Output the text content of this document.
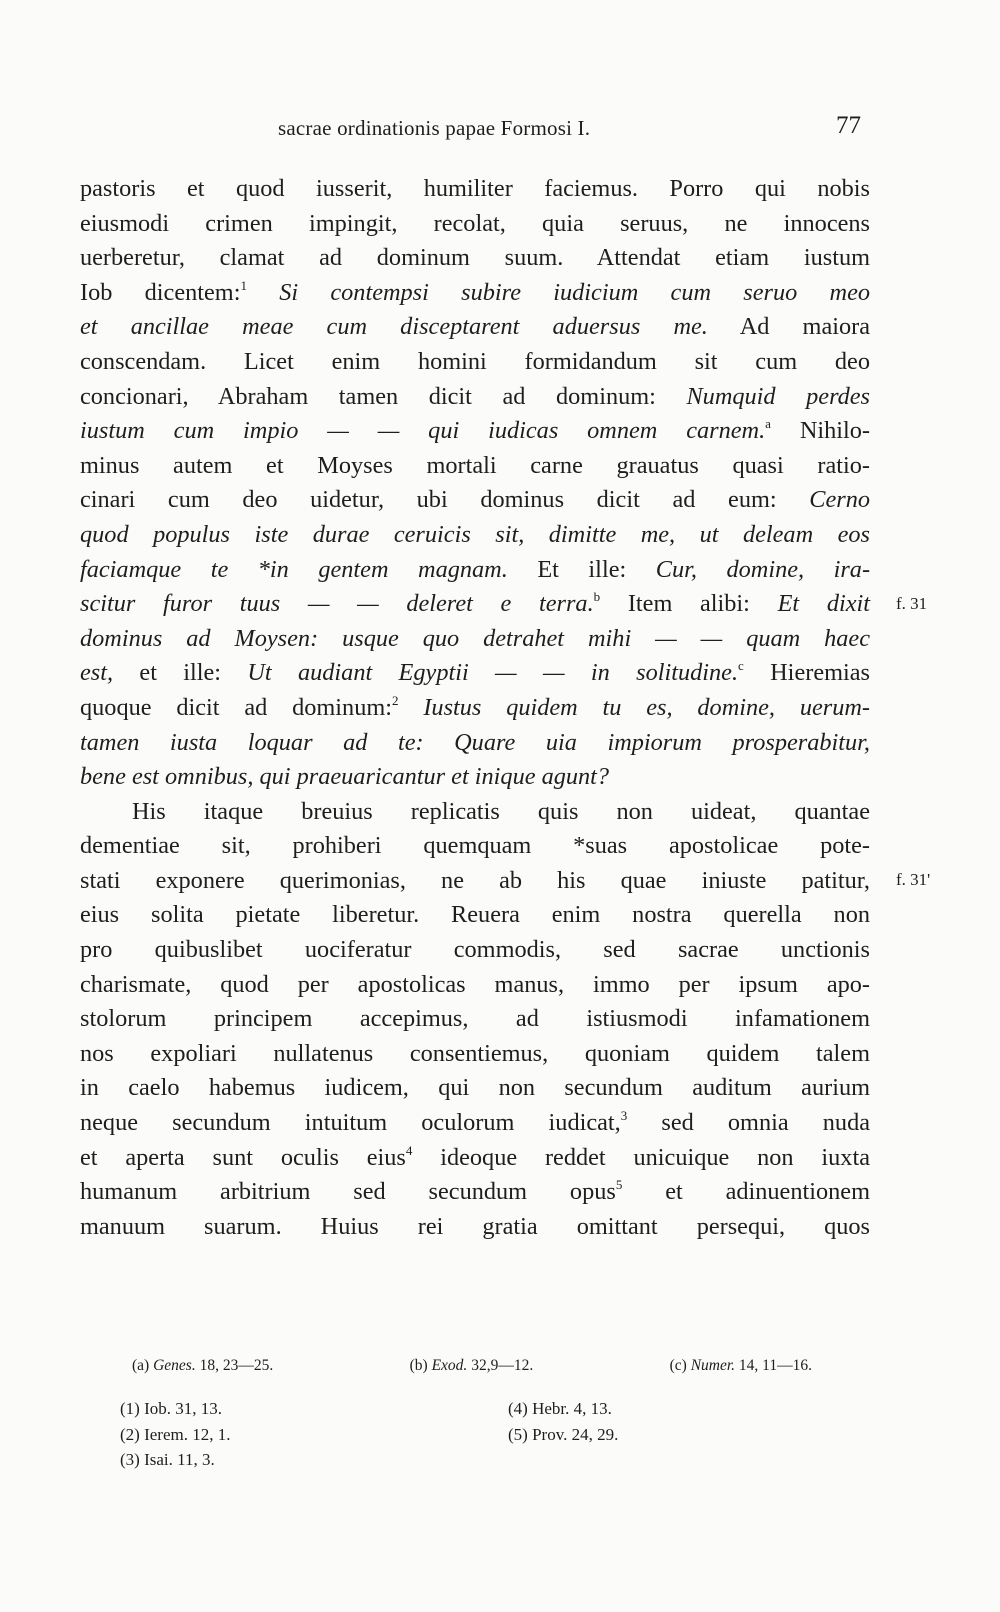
sacrae ordinationis papae Formosi I.	77
pastoris et quod iusserit, humiliter faciemus. Porro qui nobis
eiusmodi crimen impingit, recolat, quia seruus, ne innocens
uerberetur, clamat ad dominum suum. Attendat etiam iustum
Iob dicentem:$^1$ Si contempsi subire iudicium cum seruo meo
et ancillae meae cum disceptarent aduersus me. Ad maiora
conscendam. Licet enim homini formidandum sit cum deo
concionari, Abraham tamen dicit ad dominum: Numquid perdes
iustum cum impio — — qui iudicas omnem carnem.$^a$ Nihilo-
minus autem et Moyses mortali carne grauatus quasi ratio-
cinari cum deo uidetur, ubi dominus dicit ad eum: Cerno
quod populus iste durae ceruicis sit, dimitte me, ut deleam eos
faciamque te *in gentem magnam. Et ille: Cur, domine, ira-
scitur furor tuus — — deleret e terra.$^b$ Item alibi: Et dixit
dominus ad Moysen: usque quo detrahet mihi — — quam haec
est, et ille: Ut audiant Egyptii — — in solitudine.$^c$ Hieremias
quoque dicit ad dominum:$^2$ Iustus quidem tu es, domine, uerum-
tamen iusta loquar ad te: Quare uia impiorum prosperabitur,
bene est omnibus, qui praeuaricantur et inique agunt?
His itaque breuius replicatis quis non uideat, quantae
dementiae sit, prohiberi quemquam *suas apostolicae pote-
stati exponere querimonias, ne ab his quae iniuste patitur,
eius solita pietate liberetur. Reuera enim nostra querella non
pro quibuslibet uociferatur commodis, sed sacrae unctionis
charismate, quod per apostolicas manus, immo per ipsum apo-
stolorum principem accepimus, ad istiusmodi infamationem
nos expoliari nullatenus consentiemus, quoniam quidem talem
in caelo habemus iudicem, qui non secundum auditum aurium
neque secundum intuitum oculorum iudicat,$^3$ sed omnia nuda
et aperta sunt oculis eius$^4$ ideoque reddet unicuique non iuxta
humanum arbitrium sed secundum opus$^5$ et adinuentionem
manuum suarum. Huius rei gratia omittant persequi, quos
f. 31
f. 31'
(a) Genes. 18, 23—25.	(b) Exod. 32,9—12.	(c) Numer. 14, 11—16.
(1) Iob. 31, 13.
(2) Ierem. 12, 1.
(3) Isai. 11, 3.
(4) Hebr. 4, 13.
(5) Prov. 24, 29.
